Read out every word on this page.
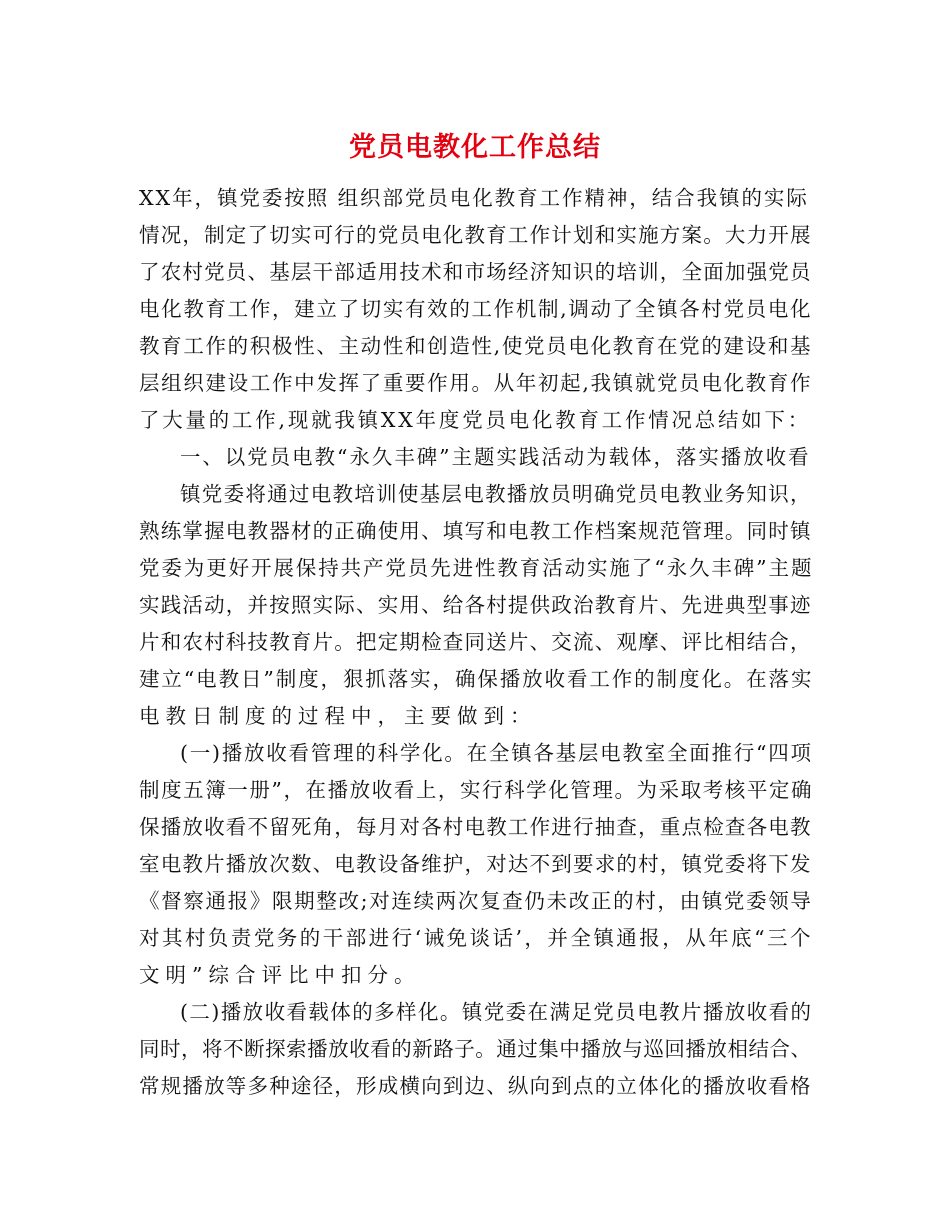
党员电教化工作总结
XX年，镇党委按照 组织部党员电化教育工作精神，结合我镇的实际
情况，制定了切实可行的党员电化教育工作计划和实施方案。大力开展
了农村党员、基层干部适用技术和市场经济知识的培训，全面加强党员
电化教育工作，建立了切实有效的工作机制,调动了全镇各村党员电化
教育工作的积极性、主动性和创造性,使党员电化教育在党的建设和基
层组织建设工作中发挥了重要作用。从年初起,我镇就党员电化教育作
了大量的工作,现就我镇XX年度党员电化教育工作情况总结如下：
一、以党员电教“永久丰碑”主题实践活动为载体，落实播放收看
镇党委将通过电教培训使基层电教播放员明确党员电教业务知识，
熟练掌握电教器材的正确使用、填写和电教工作档案规范管理。同时镇
党委为更好开展保持共产党员先进性教育活动实施了“永久丰碑”主题
实践活动，并按照实际、实用、给各村提供政治教育片、先进典型事迹
片和农村科技教育片。把定期检查同送片、交流、观摩、评比相结合，
建立“电教日”制度，狠抓落实，确保播放收看工作的制度化。在落实
电教日制度的过程中，主要做到：
(一)播放收看管理的科学化。在全镇各基层电教室全面推行“四项
制度五簿一册”，在播放收看上，实行科学化管理。为采取考核平定确
保播放收看不留死角，每月对各村电教工作进行抽查，重点检查各电教
室电教片播放次数、电教设备维护，对达不到要求的村，镇党委将下发
《督察通报》限期整改;对连续两次复查仍未改正的村，由镇党委领导
对其村负责党务的干部进行‘诫免谈话’，并全镇通报，从年底“三个
文明”综合评比中扣分。
(二)播放收看载体的多样化。镇党委在满足党员电教片播放收看的
同时，将不断探索播放收看的新路子。通过集中播放与巡回播放相结合、
常规播放等多种途径，形成横向到边、纵向到点的立体化的播放收看格
